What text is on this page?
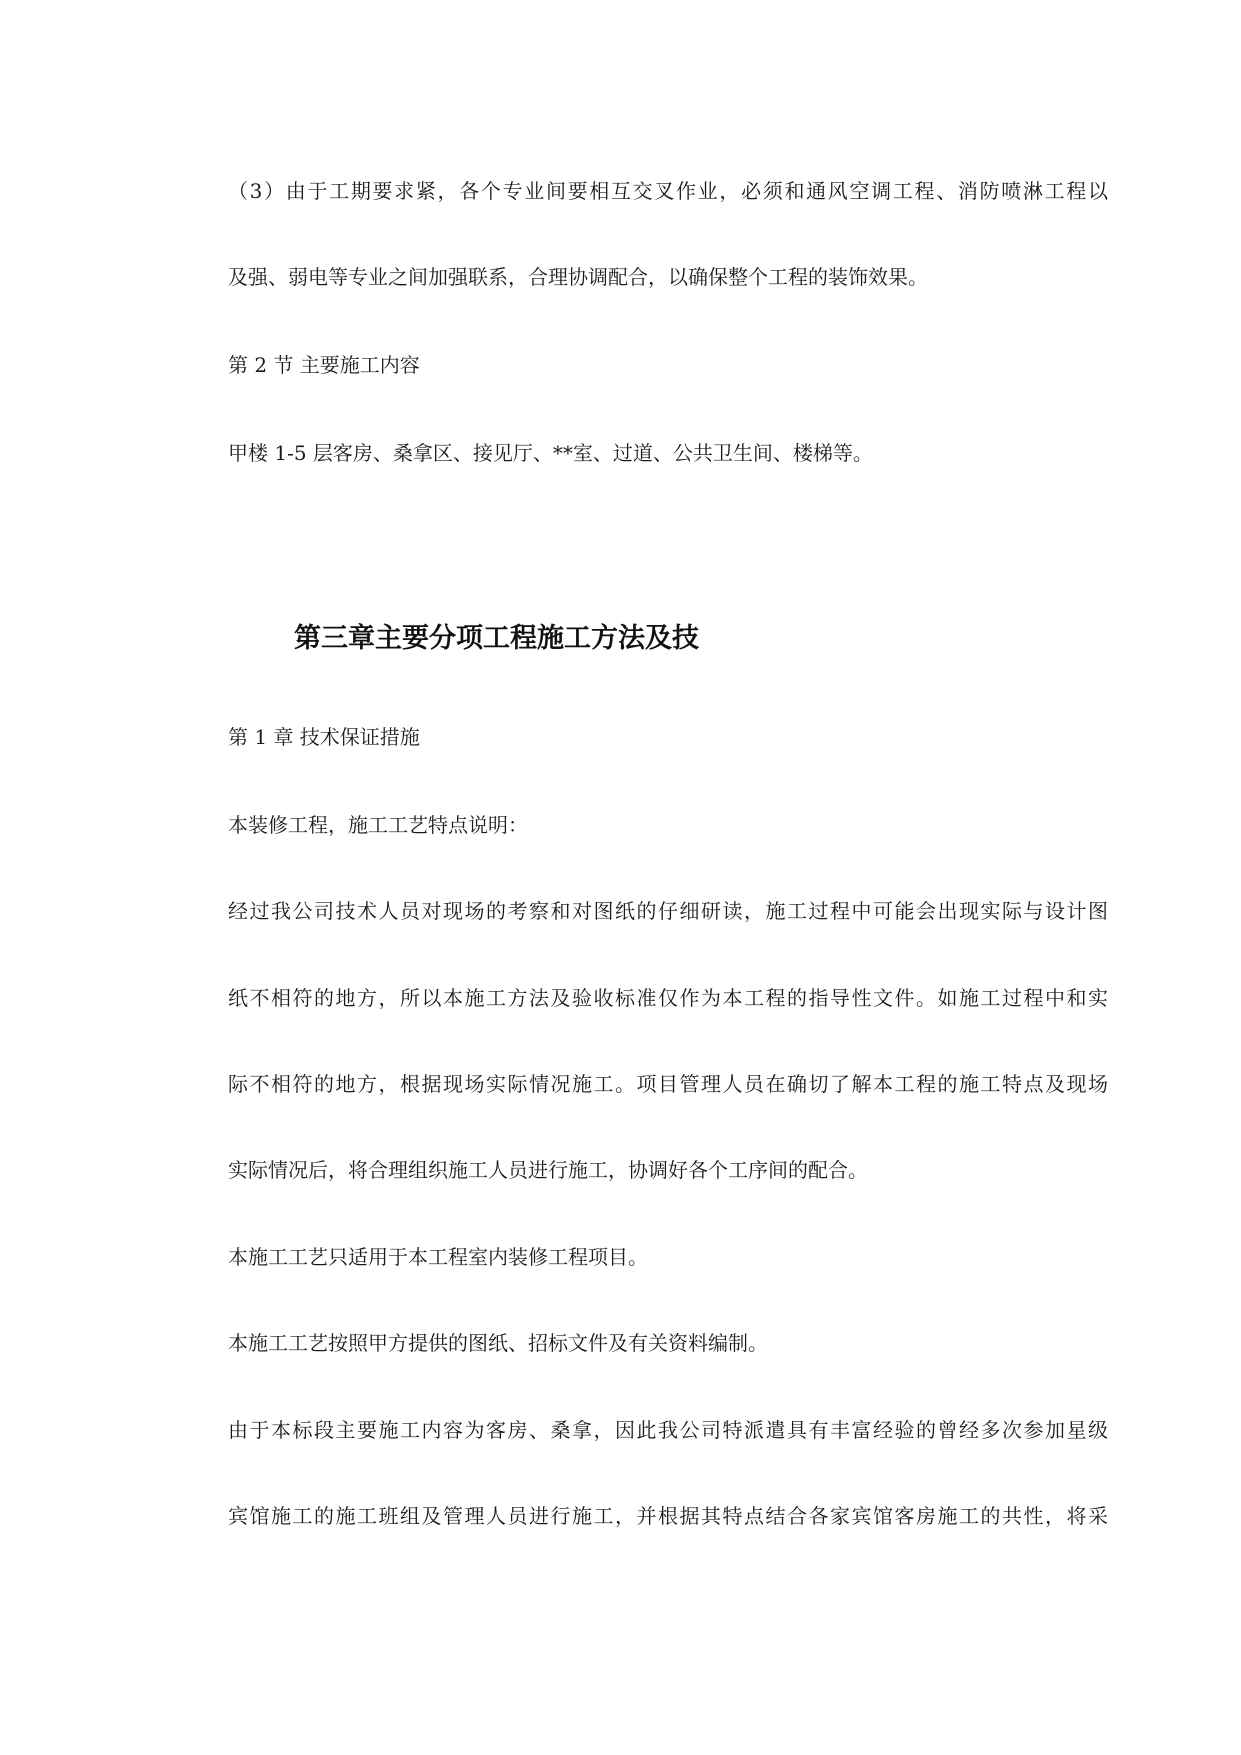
（3）由于工期要求紧，各个专业间要相互交叉作业，必须和通风空调工程、消防喷淋工程以
及强、弱电等专业之间加强联系，合理协调配合，以确保整个工程的装饰效果。
第 2 节 主要施工内容
甲楼 1-5 层客房、桑拿区、接见厅、**室、过道、公共卫生间、楼梯等。
第三章主要分项工程施工方法及技
第 1 章 技术保证措施
本装修工程，施工工艺特点说明：
经过我公司技术人员对现场的考察和对图纸的仔细研读，施工过程中可能会出现实际与设计图
纸不相符的地方，所以本施工方法及验收标准仅作为本工程的指导性文件。如施工过程中和实
际不相符的地方，根据现场实际情况施工。项目管理人员在确切了解本工程的施工特点及现场
实际情况后，将合理组织施工人员进行施工，协调好各个工序间的配合。
本施工工艺只适用于本工程室内装修工程项目。
本施工工艺按照甲方提供的图纸、招标文件及有关资料编制。
由于本标段主要施工内容为客房、桑拿，因此我公司特派遣具有丰富经验的曾经多次参加星级
宾馆施工的施工班组及管理人员进行施工，并根据其特点结合各家宾馆客房施工的共性，将采
